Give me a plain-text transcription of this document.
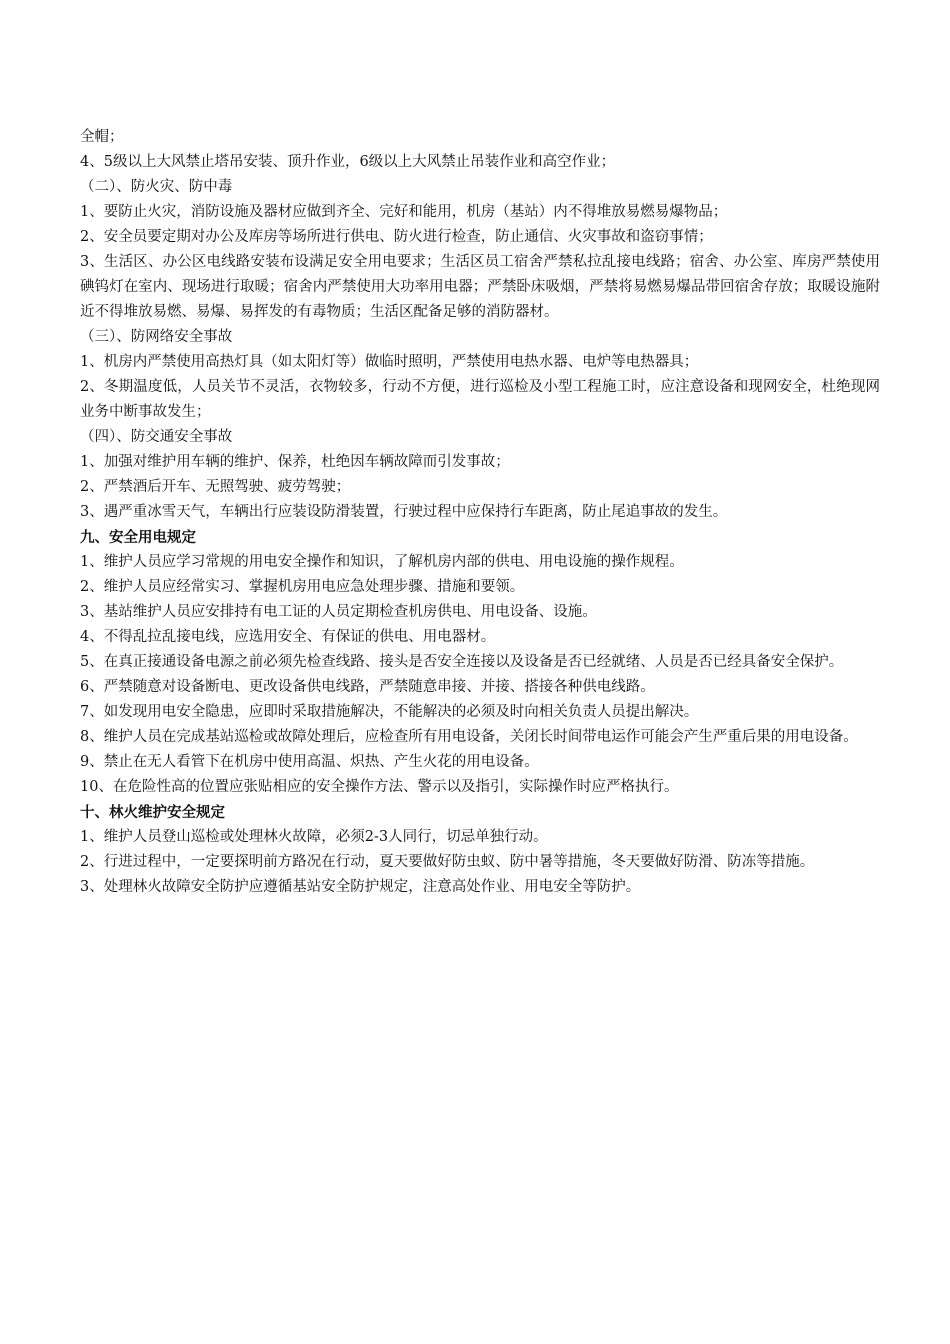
全帽；
4、5级以上大风禁止塔吊安装、顶升作业，6级以上大风禁止吊装作业和高空作业；
（二）、防火灾、防中毒
1、要防止火灾，消防设施及器材应做到齐全、完好和能用，机房（基站）内不得堆放易燃易爆物品；
2、安全员要定期对办公及库房等场所进行供电、防火进行检查，防止通信、火灾事故和盗窃事情；
3、生活区、办公区电线路安装布设满足安全用电要求；生活区员工宿舍严禁私拉乱接电线路；宿舍、办公室、库房严禁使用碘钨灯在室内、现场进行取暖；宿舍内严禁使用大功率用电器；严禁卧床吸烟，严禁将易燃易爆品带回宿舍存放；取暖设施附近不得堆放易燃、易爆、易挥发的有毒物质；生活区配备足够的消防器材。
（三）、防网络安全事故
1、机房内严禁使用高热灯具（如太阳灯等）做临时照明，严禁使用电热水器、电炉等电热器具；
2、冬期温度低，人员关节不灵活，衣物较多，行动不方便，进行巡检及小型工程施工时，应注意设备和现网安全，杜绝现网业务中断事故发生；
（四）、防交通安全事故
1、加强对维护用车辆的维护、保养，杜绝因车辆故障而引发事故；
2、严禁酒后开车、无照驾驶、疲劳驾驶；
3、遇严重冰雪天气，车辆出行应装设防滑装置，行驶过程中应保持行车距离，防止尾追事故的发生。
九、安全用电规定
1、维护人员应学习常规的用电安全操作和知识，了解机房内部的供电、用电设施的操作规程。
2、维护人员应经常实习、掌握机房用电应急处理步骤、措施和要领。
3、基站维护人员应安排持有电工证的人员定期检查机房供电、用电设备、设施。
4、不得乱拉乱接电线，应选用安全、有保证的供电、用电器材。
5、在真正接通设备电源之前必须先检查线路、接头是否安全连接以及设备是否已经就绪、人员是否已经具备安全保护。
6、严禁随意对设备断电、更改设备供电线路，严禁随意串接、并接、搭接各种供电线路。
7、如发现用电安全隐患，应即时采取措施解决，不能解决的必须及时向相关负责人员提出解决。
8、维护人员在完成基站巡检或故障处理后，应检查所有用电设备，关闭长时间带电运作可能会产生严重后果的用电设备。
9、禁止在无人看管下在机房中使用高温、炽热、产生火花的用电设备。
10、在危险性高的位置应张贴相应的安全操作方法、警示以及指引，实际操作时应严格执行。
十、林火维护安全规定
1、维护人员登山巡检或处理林火故障，必须2-3人同行，切忌单独行动。
2、行进过程中，一定要探明前方路况在行动，夏天要做好防虫蚁、防中暑等措施，冬天要做好防滑、防冻等措施。
3、处理林火故障安全防护应遵循基站安全防护规定，注意高处作业、用电安全等防护。
